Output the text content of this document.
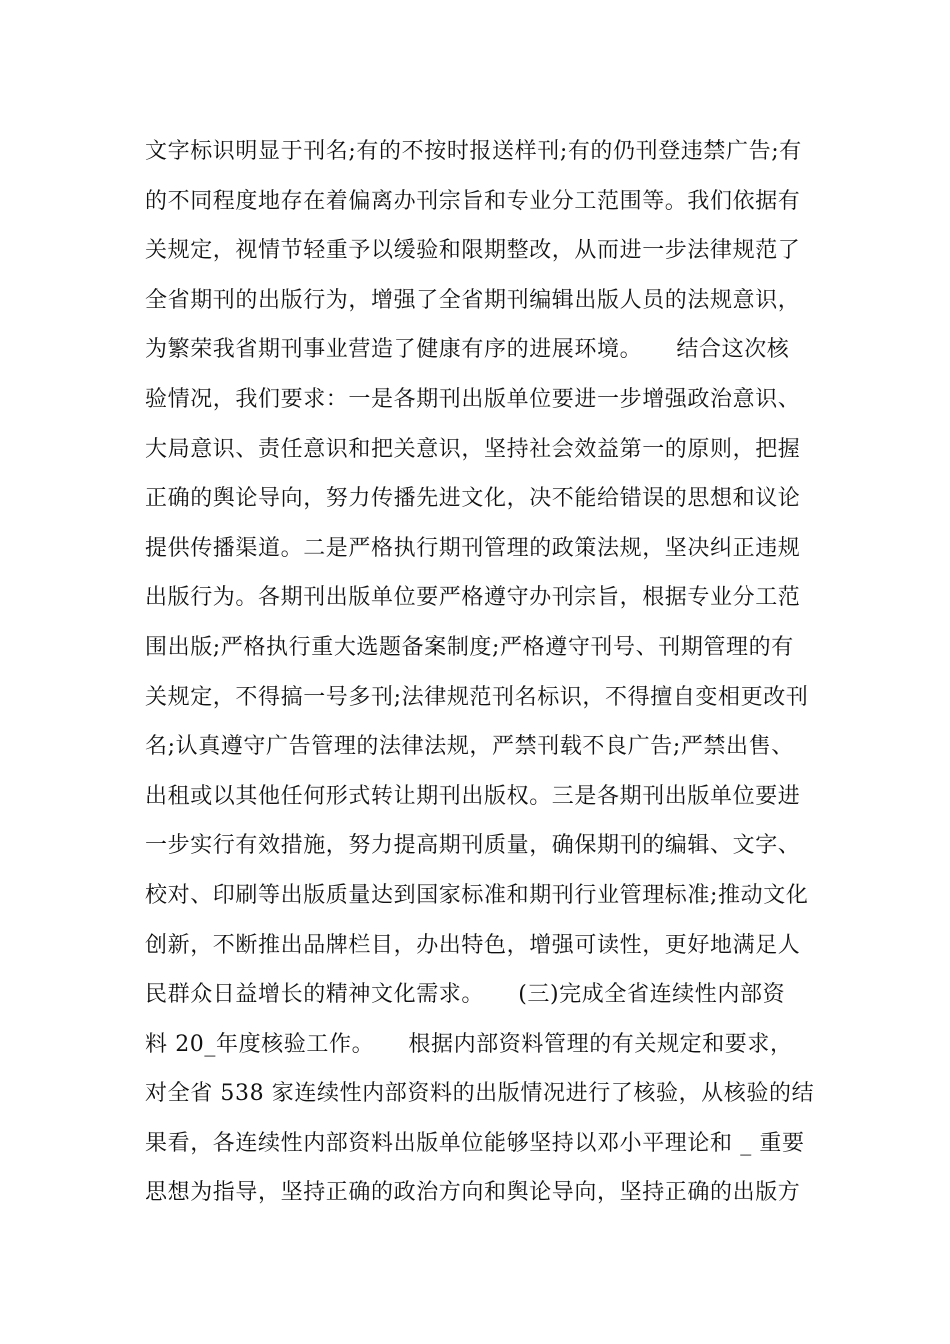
文字标识明显于刊名;有的不按时报送样刊;有的仍刊登违禁广告;有
的不同程度地存在着偏离办刊宗旨和专业分工范围等。我们依据有
关规定，视情节轻重予以缓验和限期整改，从而进一步法律规范了
全省期刊的出版行为，增强了全省期刊编辑出版人员的法规意识，
为繁荣我省期刊事业营造了健康有序的进展环境。　　结合这次核
验情况，我们要求：一是各期刊出版单位要进一步增强政治意识、
大局意识、责任意识和把关意识，坚持社会效益第一的原则，把握
正确的舆论导向，努力传播先进文化，决不能给错误的思想和议论
提供传播渠道。二是严格执行期刊管理的政策法规，坚决纠正违规
出版行为。各期刊出版单位要严格遵守办刊宗旨，根据专业分工范
围出版;严格执行重大选题备案制度;严格遵守刊号、刊期管理的有
关规定，不得搞一号多刊;法律规范刊名标识，不得擅自变相更改刊
名;认真遵守广告管理的法律法规，严禁刊载不良广告;严禁出售、
出租或以其他任何形式转让期刊出版权。三是各期刊出版单位要进
一步实行有效措施，努力提高期刊质量，确保期刊的编辑、文字、
校对、印刷等出版质量达到国家标准和期刊行业管理标准;推动文化
创新，不断推出品牌栏目，办出特色，增强可读性，更好地满足人
民群众日益增长的精神文化需求。　　(三)完成全省连续性内部资
料 20_年度核验工作。　　根据内部资料管理的有关规定和要求，
对全省 538 家连续性内部资料的出版情况进行了核验，从核验的结
果看，各连续性内部资料出版单位能够坚持以邓小平理论和 _ 重要
思想为指导，坚持正确的政治方向和舆论导向，坚持正确的出版方
